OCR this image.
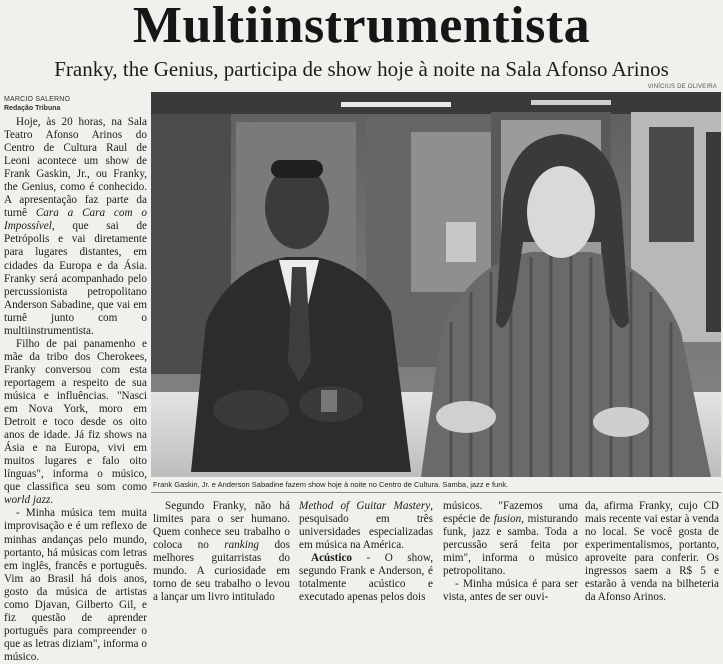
Multiinstrumentista
Franky, the Genius, participa de show hoje à noite na Sala Afonso Arinos
MARCIO SALERNO
Redação Tribuna
VINÍCIUS DE OLIVEIRA

Hoje, às 20 horas, na Sala Teatro Afonso Arinos do Centro de Cultura Raul de Leoni acontece um show de Frank Gaskin, Jr., ou Franky, the Genius, como é conhecido. A apresentação faz parte da turnê Cara a Cara com o Impossível, que sai de Petrópolis e vai diretamente para lugares distantes, em cidades da Europa e da Ásia. Franky será acompanhado pelo percussionista petropolitano Anderson Sabadine, que vai em turnê junto com o multiinstrumentista.

Filho de pai panamenho e mãe da tribo dos Cherokees, Franky conversou com esta reportagem a respeito de sua música e influências. "Nasci em Nova York, moro em Detroit e toco desde os oito anos de idade. Já fiz shows na Ásia e na Europa, vivi em muitos lugares e falo oito línguas", informa o músico, que classifica seu som como world jazz.

- Minha música tem muita improvisação e é um reflexo de minhas andanças pelo mundo, portanto, há músicas com letras em inglês, francês e português. Vim ao Brasil há dois anos, gosto da música de artistas como Djavan, Gilberto Gil, e fiz questão de aprender português para compreender o que as letras diziam", informa o músico.

Frank Gaskin, Jr. e Anderson Sabadine fazem show hoje à noite no Centro de Cultura. Samba, jazz e funk.

Segundo Franky, não há limites para o ser humano. Quem conhece seu trabalho o coloca no ranking dos melhores guitarristas do mundo. A curiosidade em torno de seu trabalho o levou a lançar um livro intitulado

Method of Guitar Mastery, pesquisado em três universidades especializadas em música na América.

Acústico - O show, segundo Frank e Anderson, é totalmente acústico e executado apenas pelos dois

músicos. "Fazemos uma espécie de fusion, misturando funk, jazz e samba. Toda a percussão será feita por mim", informa o músico petropolitano.

- Minha música é para ser vista, antes de ser ouvi-

da, afirma Franky, cujo CD mais recente vai estar à venda no local. Se você gosta de experimentalismos, portanto, aproveite para conferir. Os ingressos saem a R$ 5 e estarão à venda na bilheteria da Afonso Arinos.
